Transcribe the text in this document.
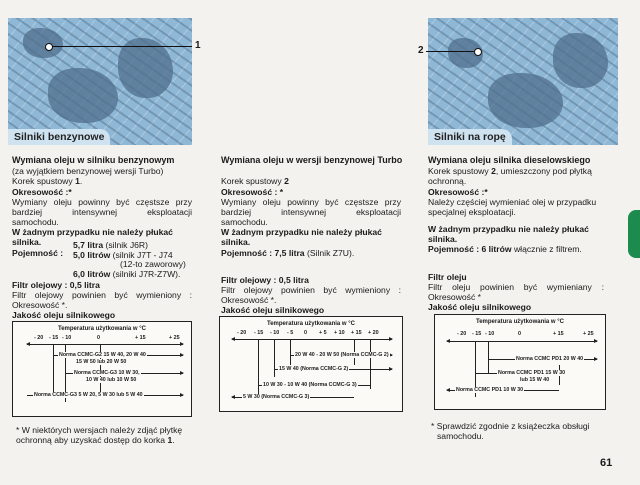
Silniki benzynowe
1
Wymiana oleju w silniku benzynowym
(za wyjątkiem benzynowej wersji Turbo)
Korek spustowy 1.
Okresowość :*
Wymiany oleju powinny być częstsze przy
bardziej intensywnej eksploatacji
samochodu.
W żadnym przypadku nie należy płukać
silnika.
Pojemność :
5,7 litra (silnik J6R)
5,0 litrów (silnik J7T - J74
(12-to zaworowy)
6,0 litrów (silniki J7R-Z7W).
Filtr olejowy : 0,5 litra
Filtr olejowy powinien być wymieniony :
Okresowość *.
Jakość oleju silnikowego
Temperatura użytkowania w °C
- 20 - 15 - 10	0	+ 15	+ 25
Norma CCMC-G2 15 W 40, 20 W 40
15 W 50 lub 20 W 50
Norma CCMC-G3 10 W 30,
10 W 40 lub 10 W 50
Norma CCMC-G3 5 W 20, 5 W 30 lub 5 W 40
* W niektórych wersjach należy zdjąć płytkę
ochronną aby uzyskać dostęp do korka 1.
Wymiana oleju w wersji benzynowej Turbo
Korek spustowy 2
Okresowość : *
Wymiany oleju powinny być częstsze przy
bardziej intensywnej eksploatacji
samochodu.
W żadnym przypadku nie należy płukać
silnika.
Pojemność : 7,5 litra (Silnik Z7U).
Filtr olejowy : 0,5 litra
Filtr olejowy powinien być wymieniony :
Okresowość *.
Jakość oleju silnikowego
Temperatura użytkowania w °C
- 20 - 15 - 10 - 5 0 + 5 + 10 + 15 + 20
20 W 40 - 20 W 50 (Norma CCMC-G 2)
15 W 40 (Norma CCMC-G 2)
10 W 30 - 10 W 40 (Norma CCMC-G 3)
5 W 30 (Norma CCMC-G 3)
Silniki na ropę
2
Wymiana oleju silnika dieselowskiego
Korek spustowy 2, umieszczony pod płytką
ochronną.
Okresowość :*
Należy częściej wymieniać olej w przypadku
specjalnej eksploatacji.
W żadnym przypadku nie należy płukać
silnika.
Pojemność : 6 litrów włącznie z filtrem.
Filtr oleju
Filtr oleju powinien być wymieniany :
Okresowość *
Jakość oleju silnikowego
Temperatura użytkowania w °C
- 20 - 15 - 10	0	+ 15	+ 25
Norma CCMC PD1 20 W 40
Norma CCMC PD1 15 W 30
lub 15 W 40
Norma CCMC PD1 10 W 30
* Sprawdzić zgodnie z książeczka obsługi
samochodu.
61
